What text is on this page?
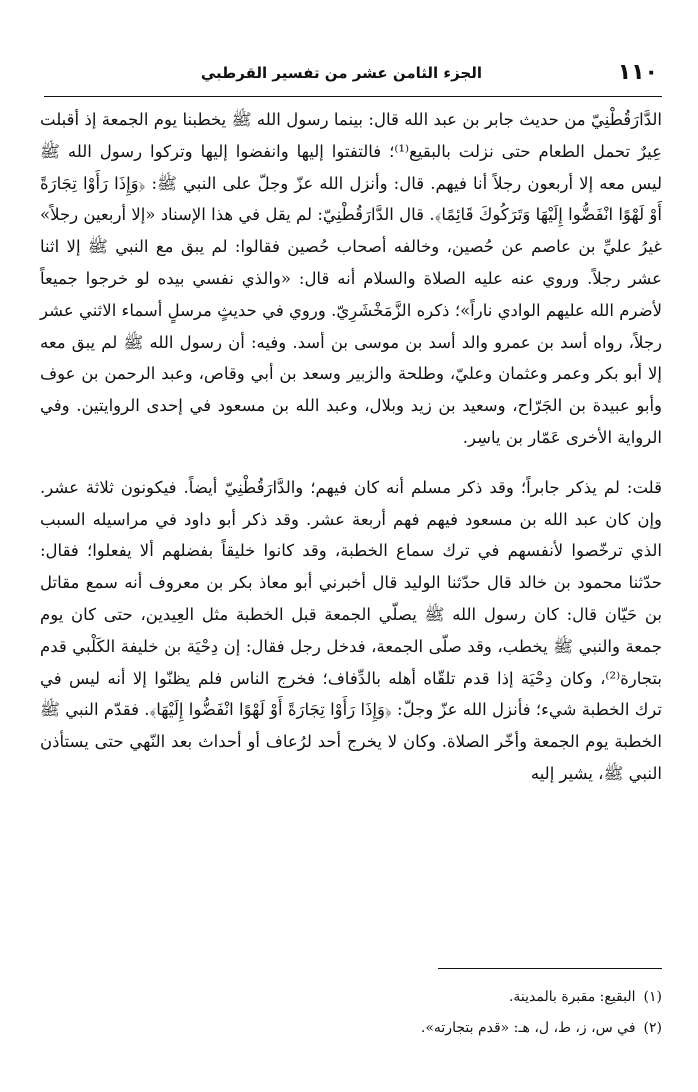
١١٠
الجزء الثامن عشر من تفسير القرطبي

الدَّارَقُطْنِيّ من حديث جابر بن عبد الله قال: بينما رسول الله ﷺ يخطبنا يوم الجمعة إذ أقبلت عِيرٌ تحمل الطعام حتى نزلت بالبقيع⁽¹⁾؛ فالتفتوا إليها وانفضوا إليها وتركوا رسول الله ﷺ ليس معه إلا أربعون رجلاً أنا فيهم. قال: وأنزل الله عزّ وجلّ على النبي ﷺ: ﴿وَإِذَا رَأَوْا تِجَارَةً أَوْ لَهْوًا انْفَضُّوا إِلَيْهَا وَتَرَكُوكَ قَائِمًا﴾. قال الدَّارَقُطْنِيّ: لم يقل في هذا الإسناد «إلا أربعين رجلاً» غيرُ عليِّ بن عاصم عن حُصين، وخالفه أصحاب حُصين فقالوا: لم يبق مع النبي ﷺ إلا اثنا عشر رجلاً. وروي عنه عليه الصلاة والسلام أنه قال: «والذي نفسي بيده لو خرجوا جميعاً لأضرم الله عليهم الوادي ناراً»؛ ذكره الزَّمَخْشَرِيّ. وروي في حديثٍ مرسلٍ أسماء الاثني عشر رجلاً، رواه أسد بن عمرو والد أسد بن موسى بن أسد. وفيه: أن رسول الله ﷺ لم يبق معه إلا أبو بكر وعمر وعثمان وعليّ، وطلحة والزبير وسعد بن أبي وقاص، وعبد الرحمن بن عوف وأبو عبيدة بن الجَرّاح، وسعيد بن زيد وبلال، وعبد الله بن مسعود في إحدى الروايتين. وفي الرواية الأخرى عَمّار بن ياسِر.

قلت: لم يذكر جابراً؛ وقد ذكر مسلم أنه كان فيهم؛ والدَّارَقُطْنِيّ أيضاً. فيكونون ثلاثة عشر. وإن كان عبد الله بن مسعود فيهم فهم أربعة عشر. وقد ذكر أبو داود في مراسيله السبب الذي ترخّصوا لأنفسهم في ترك سماع الخطبة، وقد كانوا خليقاً بفضلهم ألا يفعلوا؛ فقال: حدّثنا محمود بن خالد قال حدّثنا الوليد قال أخبرني أبو معاذ بكر بن معروف أنه سمع مقاتل بن حَيّان قال: كان رسول الله ﷺ يصلّي الجمعة قبل الخطبة مثل العِيدين، حتى كان يوم جمعة والنبي ﷺ يخطب، وقد صلّى الجمعة، فدخل رجل فقال: إن دِحْيَة بن خليفة الكَلْبي قدم بتجارة⁽²⁾، وكان دِحْيَة إذا قدم تلقّاه أهله بالدِّفاف؛ فخرج الناس فلم يظنّوا إلا أنه ليس في ترك الخطبة شيء؛ فأنزل الله عزّ وجلّ: ﴿وَإِذَا رَأَوْا تِجَارَةً أَوْ لَهْوًا انْفَضُّوا إِلَيْهَا﴾. فقدّم النبي ﷺ الخطبة يوم الجمعة وأخّر الصلاة. وكان لا يخرج أحد لرُعاف أو أحداث بعد النّهي حتى يستأذن النبي ﷺ، يشير إليه

(١)البقيع: مقبرة بالمدينة.
(٢)في س، ز، ط، ل، هـ: «قدم بتجارته».
